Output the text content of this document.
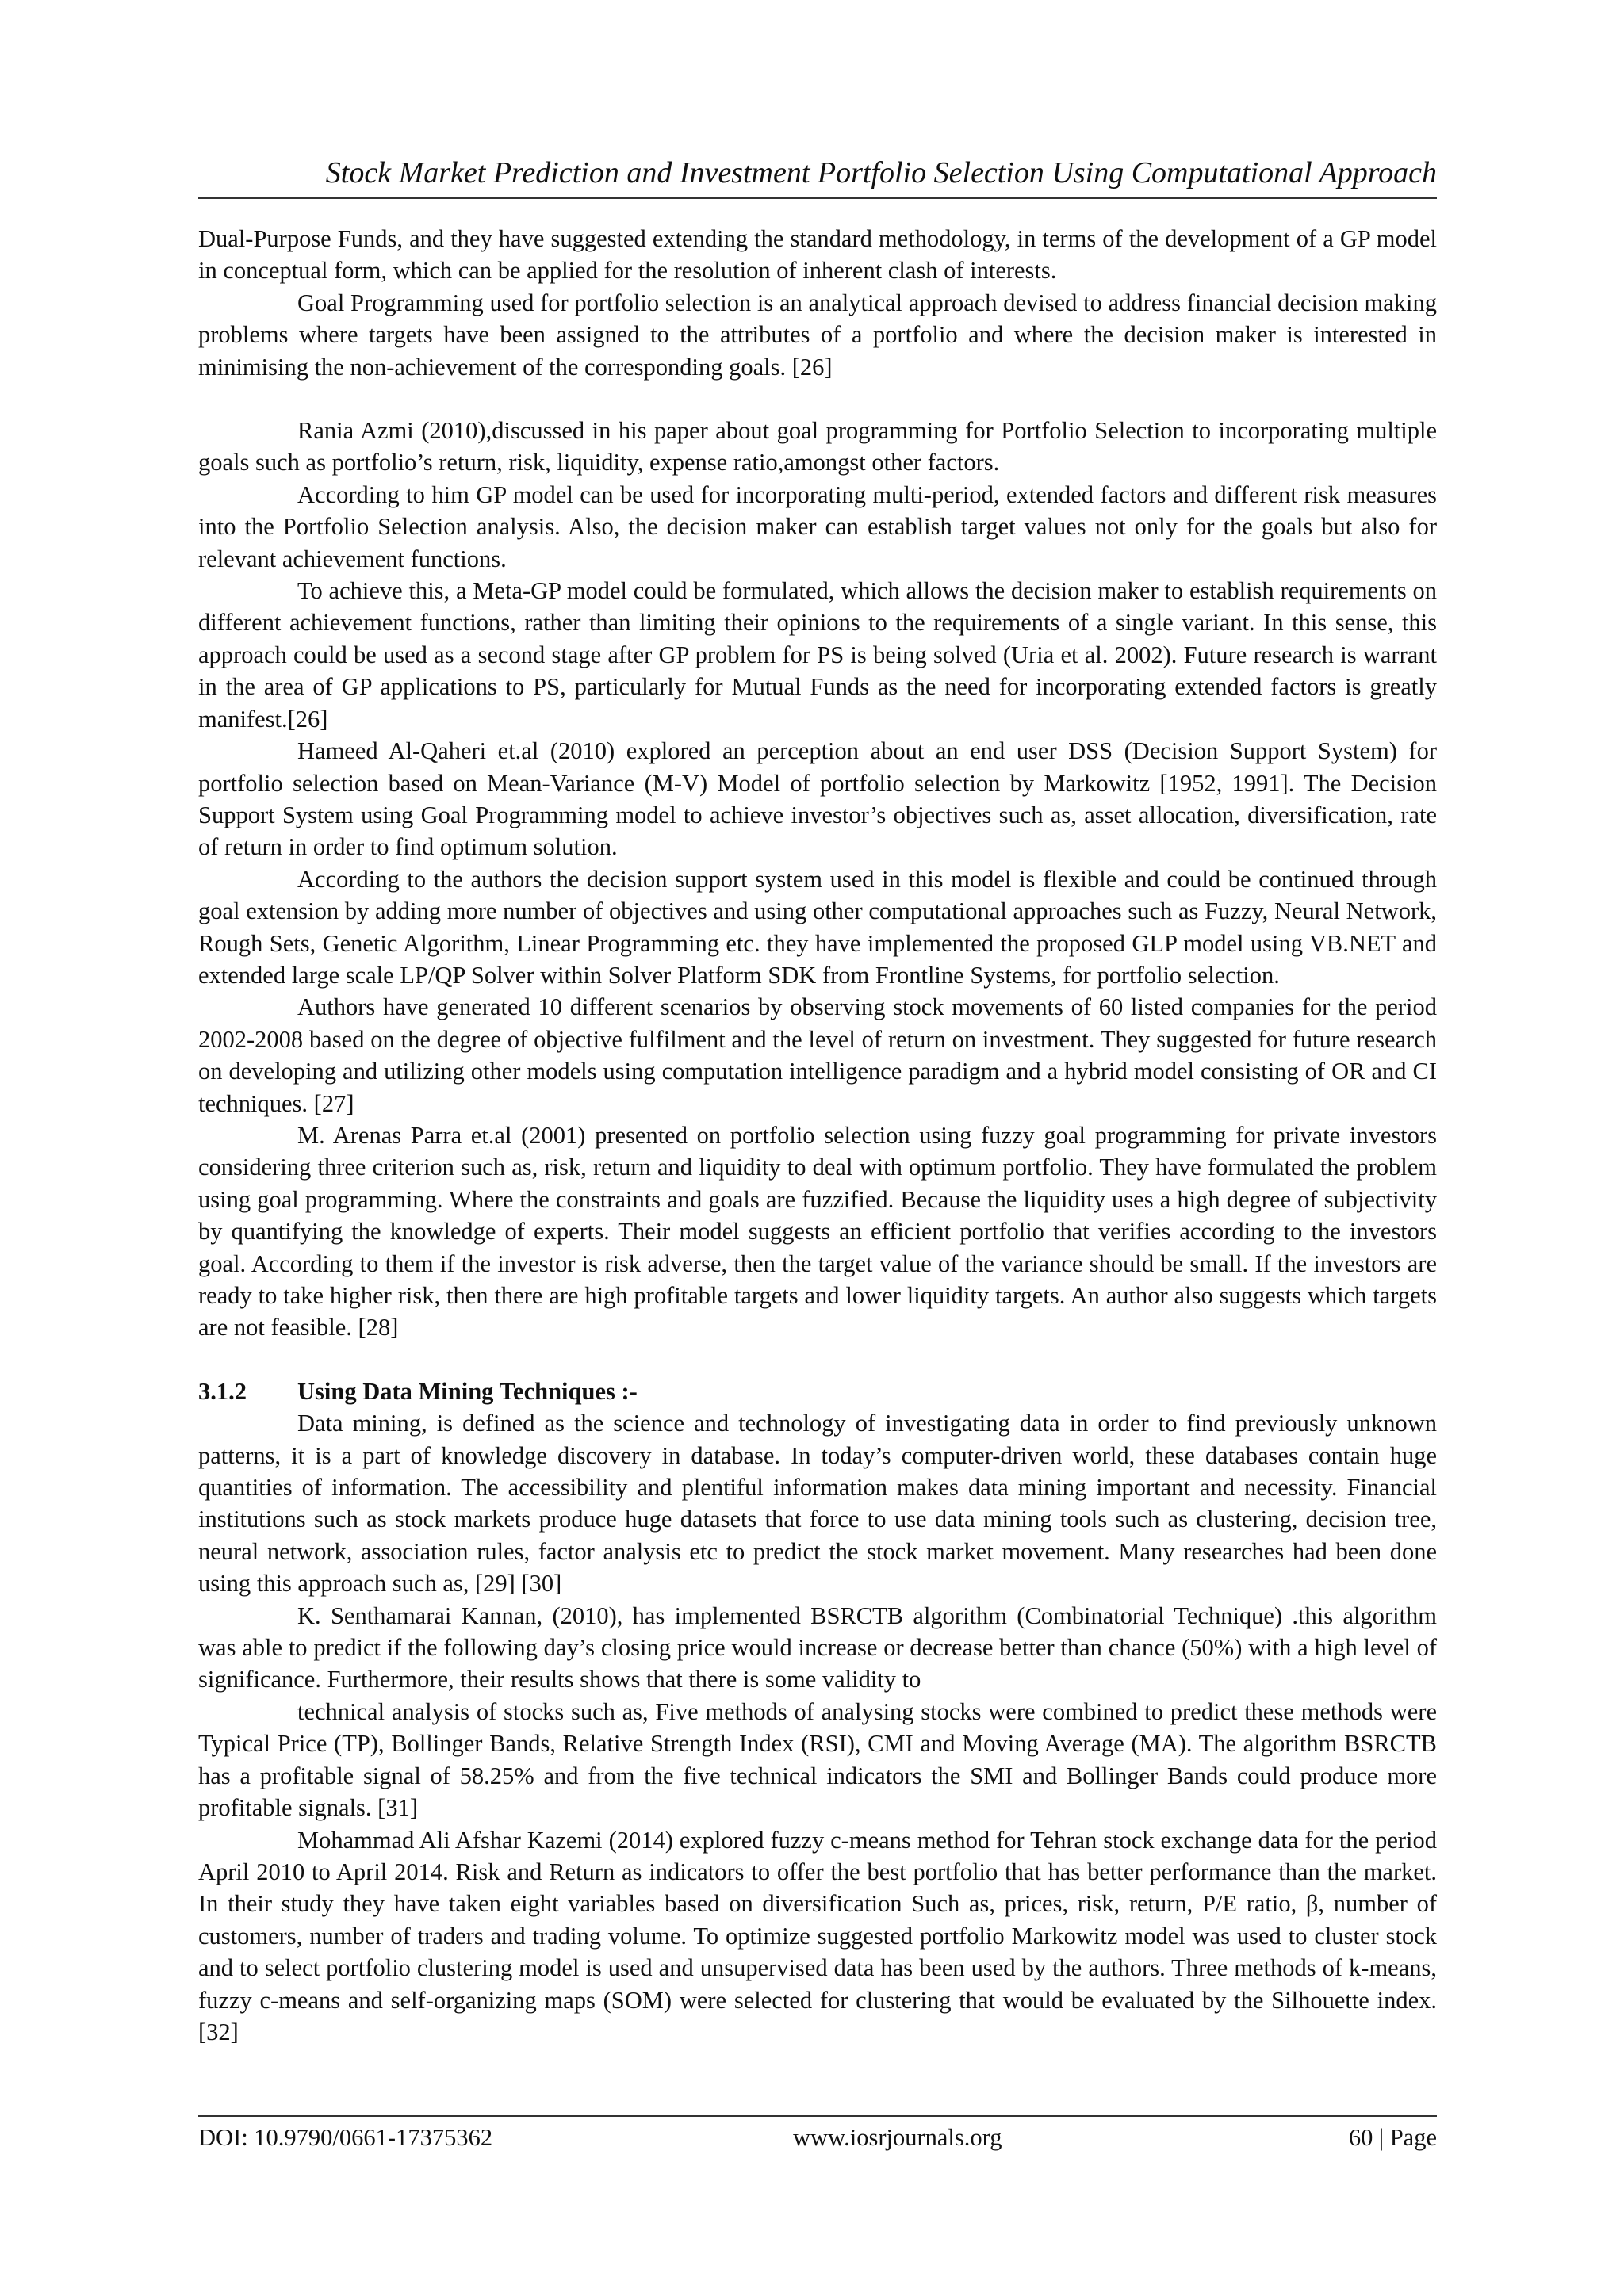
Stock Market Prediction and Investment Portfolio Selection Using Computational Approach

Dual-Purpose Funds, and they have suggested extending the standard methodology, in terms of the development of a GP model in conceptual form, which can be applied for the resolution of inherent clash of interests.

Goal Programming used for portfolio selection is an analytical approach devised to address financial decision making problems where targets have been assigned to the attributes of a portfolio and where the decision maker is interested in minimising the non-achievement of the corresponding goals. [26]

Rania Azmi (2010),discussed in his paper about goal programming for Portfolio Selection to incorporating multiple goals such as portfolio’s return, risk, liquidity, expense ratio,amongst other factors.

According to him GP model can be used for incorporating multi-period, extended factors and different risk measures into the Portfolio Selection analysis. Also, the decision maker can establish target values not only for the goals but also for relevant achievement functions.

To achieve this, a Meta-GP model could be formulated, which allows the decision maker to establish requirements on different achievement functions, rather than limiting their opinions to the requirements of a single variant. In this sense, this approach could be used as a second stage after GP problem for PS is being solved (Uria et al. 2002). Future research is warrant in the area of GP applications to PS, particularly for Mutual Funds as the need for incorporating extended factors is greatly manifest.[26]

Hameed Al-Qaheri et.al (2010) explored an perception about an end user DSS (Decision Support System) for portfolio selection based on Mean-Variance (M-V) Model of portfolio selection by Markowitz [1952, 1991]. The Decision Support System using Goal Programming model to achieve investor’s objectives such as, asset allocation, diversification, rate of return in order to find optimum solution.

According to the authors the decision support system used in this model is flexible and could be continued through goal extension by adding more number of objectives and using other computational approaches such as Fuzzy, Neural Network, Rough Sets, Genetic Algorithm, Linear Programming etc. they have implemented the proposed GLP model using VB.NET and extended large scale LP/QP Solver within Solver Platform SDK from Frontline Systems, for portfolio selection.

Authors have generated 10 different scenarios by observing stock movements of 60 listed companies for the period 2002-2008 based on the degree of objective fulfilment and the level of return on investment. They suggested for future research on developing and utilizing other models using computation intelligence paradigm and a hybrid model consisting of OR and CI techniques. [27]

M. Arenas Parra et.al (2001) presented on portfolio selection using fuzzy goal programming for private investors considering three criterion such as, risk, return and liquidity to deal with optimum portfolio. They have formulated the problem using goal programming. Where the constraints and goals are fuzzified. Because the liquidity uses a high degree of subjectivity by quantifying the knowledge of experts. Their model suggests an efficient portfolio that verifies according to the investors goal. According to them if the investor is risk adverse, then the target value of the variance should be small. If the investors are ready to take higher risk, then there are high profitable targets and lower liquidity targets. An author also suggests which targets are not feasible. [28]

3.1.2 Using Data Mining Techniques :-

Data mining, is defined as the science and technology of investigating data in order to find previously unknown patterns, it is a part of knowledge discovery in database. In today’s computer-driven world, these databases contain huge quantities of information. The accessibility and plentiful information makes data mining important and necessity. Financial institutions such as stock markets produce huge datasets that force to use data mining tools such as clustering, decision tree, neural network, association rules, factor analysis etc to predict the stock market movement. Many researches had been done using this approach such as, [29] [30]

K. Senthamarai Kannan, (2010), has implemented BSRCTB algorithm (Combinatorial Technique) .this algorithm was able to predict if the following day’s closing price would increase or decrease better than chance (50%) with a high level of significance. Furthermore, their results shows that there is some validity to

technical analysis of stocks such as, Five methods of analysing stocks were combined to predict these methods were Typical Price (TP), Bollinger Bands, Relative Strength Index (RSI), CMI and Moving Average (MA). The algorithm BSRCTB has a profitable signal of 58.25% and from the five technical indicators the SMI and Bollinger Bands could produce more profitable signals. [31]

Mohammad Ali Afshar Kazemi (2014) explored fuzzy c-means method for Tehran stock exchange data for the period April 2010 to April 2014. Risk and Return as indicators to offer the best portfolio that has better performance than the market. In their study they have taken eight variables based on diversification Such as, prices, risk, return, P/E ratio, β, number of customers, number of traders and trading volume. To optimize suggested portfolio Markowitz model was used to cluster stock and to select portfolio clustering model is used and unsupervised data has been used by the authors. Three methods of k-means, fuzzy c-means and self-organizing maps (SOM) were selected for clustering that would be evaluated by the Silhouette index. [32]

DOI: 10.9790/0661-17375362	www.iosrjournals.org	60 | Page
